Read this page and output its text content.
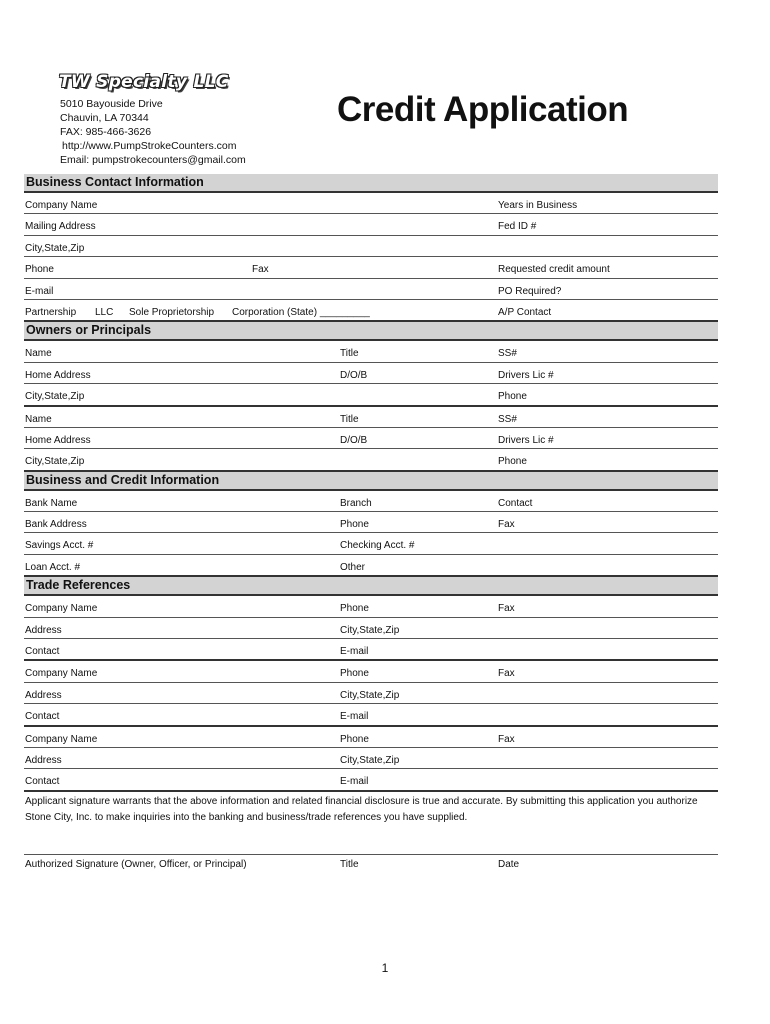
TW Specialty LLC
5010 Bayouside Drive
Chauvin, LA 70344
FAX: 985-466-3626
http://www.PumpStrokeCounters.com
Email: pumpstrokecounters@gmail.com
Credit Application
Business Contact Information
Company Name	Years in Business
Mailing Address	Fed ID #
City,State,Zip
Phone	Fax	Requested credit amount
E-mail	PO Required?
Partnership LLC Sole Proprietorship Corporation (State) _________	A/P Contact
Owners or Principals
Name	Title	SS#
Home Address	D/O/B	Drivers Lic #
City,State,Zip	Phone
Name	Title	SS#
Home Address	D/O/B	Drivers Lic #
City,State,Zip	Phone
Business and Credit Information
Bank Name	Branch	Contact
Bank Address	Phone	Fax
Savings Acct. #	Checking Acct. #
Loan Acct. #	Other
Trade References
Company Name	Phone	Fax
Address	City,State,Zip
Contact	E-mail
Company Name	Phone	Fax
Address	City,State,Zip
Contact	E-mail
Company Name	Phone	Fax
Address	City,State,Zip
Contact	E-mail
Applicant signature warrants that the above information and related financial disclosure is true and accurate. By submitting this application you authorize Stone City, Inc. to make inquiries into the banking and business/trade references you have supplied.
Authorized Signature (Owner, Officer, or Principal)	Title	Date
1
